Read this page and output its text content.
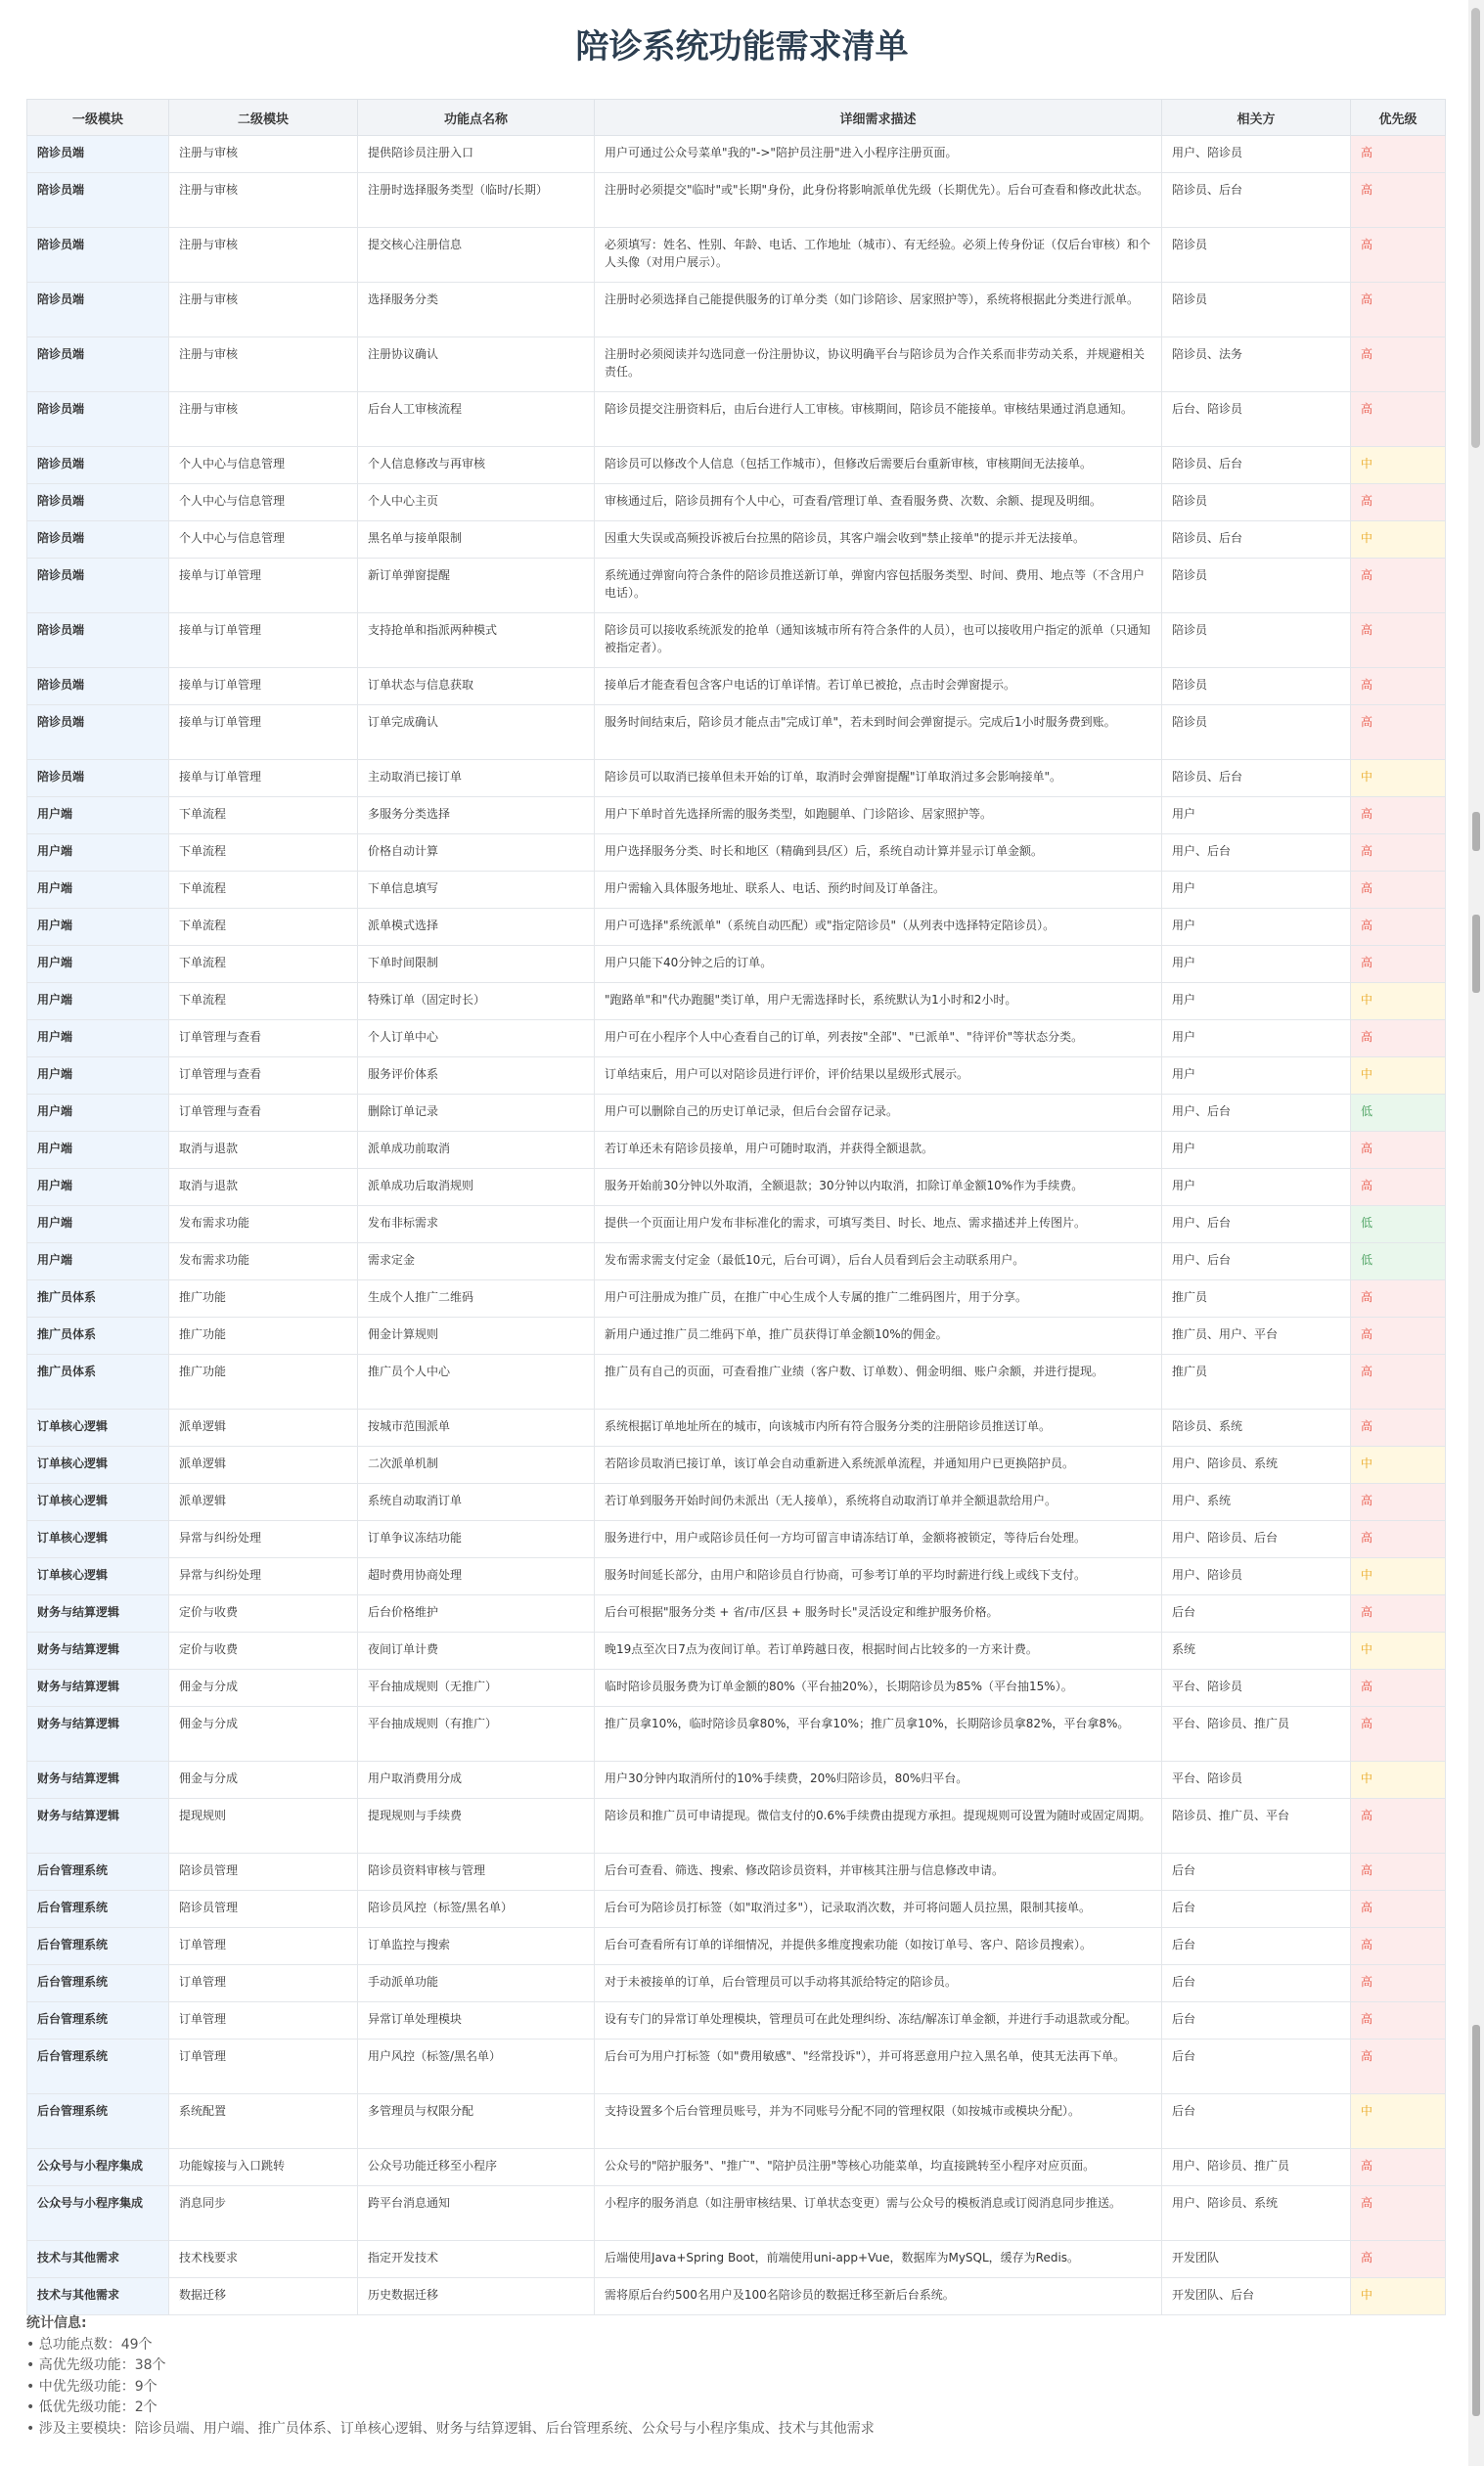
陪诊系统功能需求清单
一级模块	二级模块	功能点名称	详细需求描述	相关方	优先级
陪诊员端	注册与审核	提供陪诊员注册入口	用户可通过公众号菜单"我的"->"陪护员注册"进入小程序注册页面。	用户、陪诊员	高
陪诊员端	注册与审核	注册时选择服务类型（临时/长期）	注册时必须提交"临时"或"长期"身份，此身份将影响派单优先级（长期优先）。后台可查看和修改此状态。	陪诊员、后台	高
陪诊员端	注册与审核	提交核心注册信息	必须填写：姓名、性别、年龄、电话、工作地址（城市）、有无经验。必须上传身份证（仅后台审核）和个人头像（对用户展示）。	陪诊员	高
陪诊员端	注册与审核	选择服务分类	注册时必须选择自己能提供服务的订单分类（如门诊陪诊、居家照护等），系统将根据此分类进行派单。	陪诊员	高
陪诊员端	注册与审核	注册协议确认	注册时必须阅读并勾选同意一份注册协议，协议明确平台与陪诊员为合作关系而非劳动关系，并规避相关责任。	陪诊员、法务	高
陪诊员端	注册与审核	后台人工审核流程	陪诊员提交注册资料后，由后台进行人工审核。审核期间，陪诊员不能接单。审核结果通过消息通知。	后台、陪诊员	高
陪诊员端	个人中心与信息管理	个人信息修改与再审核	陪诊员可以修改个人信息（包括工作城市），但修改后需要后台重新审核，审核期间无法接单。	陪诊员、后台	中
陪诊员端	个人中心与信息管理	个人中心主页	审核通过后，陪诊员拥有个人中心，可查看/管理订单、查看服务费、次数、余额、提现及明细。	陪诊员	高
陪诊员端	个人中心与信息管理	黑名单与接单限制	因重大失误或高频投诉被后台拉黑的陪诊员，其客户端会收到"禁止接单"的提示并无法接单。	陪诊员、后台	中
陪诊员端	接单与订单管理	新订单弹窗提醒	系统通过弹窗向符合条件的陪诊员推送新订单，弹窗内容包括服务类型、时间、费用、地点等（不含用户电话）。	陪诊员	高
陪诊员端	接单与订单管理	支持抢单和指派两种模式	陪诊员可以接收系统派发的抢单（通知该城市所有符合条件的人员），也可以接收用户指定的派单（只通知被指定者）。	陪诊员	高
陪诊员端	接单与订单管理	订单状态与信息获取	接单后才能查看包含客户电话的订单详情。若订单已被抢，点击时会弹窗提示。	陪诊员	高
陪诊员端	接单与订单管理	订单完成确认	服务时间结束后，陪诊员才能点击"完成订单"，若未到时间会弹窗提示。完成后1小时服务费到账。	陪诊员	高
陪诊员端	接单与订单管理	主动取消已接订单	陪诊员可以取消已接单但未开始的订单，取消时会弹窗提醒"订单取消过多会影响接单"。	陪诊员、后台	中
用户端	下单流程	多服务分类选择	用户下单时首先选择所需的服务类型，如跑腿单、门诊陪诊、居家照护等。	用户	高
用户端	下单流程	价格自动计算	用户选择服务分类、时长和地区（精确到县/区）后，系统自动计算并显示订单金额。	用户、后台	高
用户端	下单流程	下单信息填写	用户需输入具体服务地址、联系人、电话、预约时间及订单备注。	用户	高
用户端	下单流程	派单模式选择	用户可选择"系统派单"（系统自动匹配）或"指定陪诊员"（从列表中选择特定陪诊员）。	用户	高
用户端	下单流程	下单时间限制	用户只能下40分钟之后的订单。	用户	高
用户端	下单流程	特殊订单（固定时长）	"跑路单"和"代办跑腿"类订单，用户无需选择时长，系统默认为1小时和2小时。	用户	中
用户端	订单管理与查看	个人订单中心	用户可在小程序个人中心查看自己的订单，列表按"全部"、"已派单"、"待评价"等状态分类。	用户	高
用户端	订单管理与查看	服务评价体系	订单结束后，用户可以对陪诊员进行评价，评价结果以星级形式展示。	用户	中
用户端	订单管理与查看	删除订单记录	用户可以删除自己的历史订单记录，但后台会留存记录。	用户、后台	低
用户端	取消与退款	派单成功前取消	若订单还未有陪诊员接单，用户可随时取消，并获得全额退款。	用户	高
用户端	取消与退款	派单成功后取消规则	服务开始前30分钟以外取消，全额退款；30分钟以内取消，扣除订单金额10%作为手续费。	用户	高
用户端	发布需求功能	发布非标需求	提供一个页面让用户发布非标准化的需求，可填写类目、时长、地点、需求描述并上传图片。	用户、后台	低
用户端	发布需求功能	需求定金	发布需求需支付定金（最低10元，后台可调），后台人员看到后会主动联系用户。	用户、后台	低
推广员体系	推广功能	生成个人推广二维码	用户可注册成为推广员，在推广中心生成个人专属的推广二维码图片，用于分享。	推广员	高
推广员体系	推广功能	佣金计算规则	新用户通过推广员二维码下单，推广员获得订单金额10%的佣金。	推广员、用户、平台	高
推广员体系	推广功能	推广员个人中心	推广员有自己的页面，可查看推广业绩（客户数、订单数）、佣金明细、账户余额，并进行提现。	推广员	高
订单核心逻辑	派单逻辑	按城市范围派单	系统根据订单地址所在的城市，向该城市内所有符合服务分类的注册陪诊员推送订单。	陪诊员、系统	高
订单核心逻辑	派单逻辑	二次派单机制	若陪诊员取消已接订单，该订单会自动重新进入系统派单流程，并通知用户已更换陪护员。	用户、陪诊员、系统	中
订单核心逻辑	派单逻辑	系统自动取消订单	若订单到服务开始时间仍未派出（无人接单），系统将自动取消订单并全额退款给用户。	用户、系统	高
订单核心逻辑	异常与纠纷处理	订单争议冻结功能	服务进行中，用户或陪诊员任何一方均可留言申请冻结订单，金额将被锁定，等待后台处理。	用户、陪诊员、后台	高
订单核心逻辑	异常与纠纷处理	超时费用协商处理	服务时间延长部分，由用户和陪诊员自行协商，可参考订单的平均时薪进行线上或线下支付。	用户、陪诊员	中
财务与结算逻辑	定价与收费	后台价格维护	后台可根据"服务分类 + 省/市/区县 + 服务时长"灵活设定和维护服务价格。	后台	高
财务与结算逻辑	定价与收费	夜间订单计费	晚19点至次日7点为夜间订单。若订单跨越日夜，根据时间占比较多的一方来计费。	系统	中
财务与结算逻辑	佣金与分成	平台抽成规则（无推广）	临时陪诊员服务费为订单金额的80%（平台抽20%），长期陪诊员为85%（平台抽15%）。	平台、陪诊员	高
财务与结算逻辑	佣金与分成	平台抽成规则（有推广）	推广员拿10%，临时陪诊员拿80%，平台拿10%；推广员拿10%，长期陪诊员拿82%，平台拿8%。	平台、陪诊员、推广员	高
财务与结算逻辑	佣金与分成	用户取消费用分成	用户30分钟内取消所付的10%手续费，20%归陪诊员，80%归平台。	平台、陪诊员	中
财务与结算逻辑	提现规则	提现规则与手续费	陪诊员和推广员可申请提现。微信支付的0.6%手续费由提现方承担。提现规则可设置为随时或固定周期。	陪诊员、推广员、平台	高
后台管理系统	陪诊员管理	陪诊员资料审核与管理	后台可查看、筛选、搜索、修改陪诊员资料，并审核其注册与信息修改申请。	后台	高
后台管理系统	陪诊员管理	陪诊员风控（标签/黑名单）	后台可为陪诊员打标签（如"取消过多"），记录取消次数，并可将问题人员拉黑，限制其接单。	后台	高
后台管理系统	订单管理	订单监控与搜索	后台可查看所有订单的详细情况，并提供多维度搜索功能（如按订单号、客户、陪诊员搜索）。	后台	高
后台管理系统	订单管理	手动派单功能	对于未被接单的订单，后台管理员可以手动将其派给特定的陪诊员。	后台	高
后台管理系统	订单管理	异常订单处理模块	设有专门的异常订单处理模块，管理员可在此处理纠纷、冻结/解冻订单金额，并进行手动退款或分配。	后台	高
后台管理系统	订单管理	用户风控（标签/黑名单）	后台可为用户打标签（如"费用敏感"、"经常投诉"），并可将恶意用户拉入黑名单，使其无法再下单。	后台	高
后台管理系统	系统配置	多管理员与权限分配	支持设置多个后台管理员账号，并为不同账号分配不同的管理权限（如按城市或模块分配）。	后台	中
公众号与小程序集成	功能嫁接与入口跳转	公众号功能迁移至小程序	公众号的"陪护服务"、"推广"、"陪护员注册"等核心功能菜单，均直接跳转至小程序对应页面。	用户、陪诊员、推广员	高
公众号与小程序集成	消息同步	跨平台消息通知	小程序的服务消息（如注册审核结果、订单状态变更）需与公众号的模板消息或订阅消息同步推送。	用户、陪诊员、系统	高
技术与其他需求	技术栈要求	指定开发技术	后端使用Java+Spring Boot，前端使用uni-app+Vue，数据库为MySQL，缓存为Redis。	开发团队	高
技术与其他需求	数据迁移	历史数据迁移	需将原后台约500名用户及100名陪诊员的数据迁移至新后台系统。	开发团队、后台	中
统计信息:
• 总功能点数：49个
• 高优先级功能：38个
• 中优先级功能：9个
• 低优先级功能：2个
• 涉及主要模块：陪诊员端、用户端、推广员体系、订单核心逻辑、财务与结算逻辑、后台管理系统、公众号与小程序集成、技术与其他需求
